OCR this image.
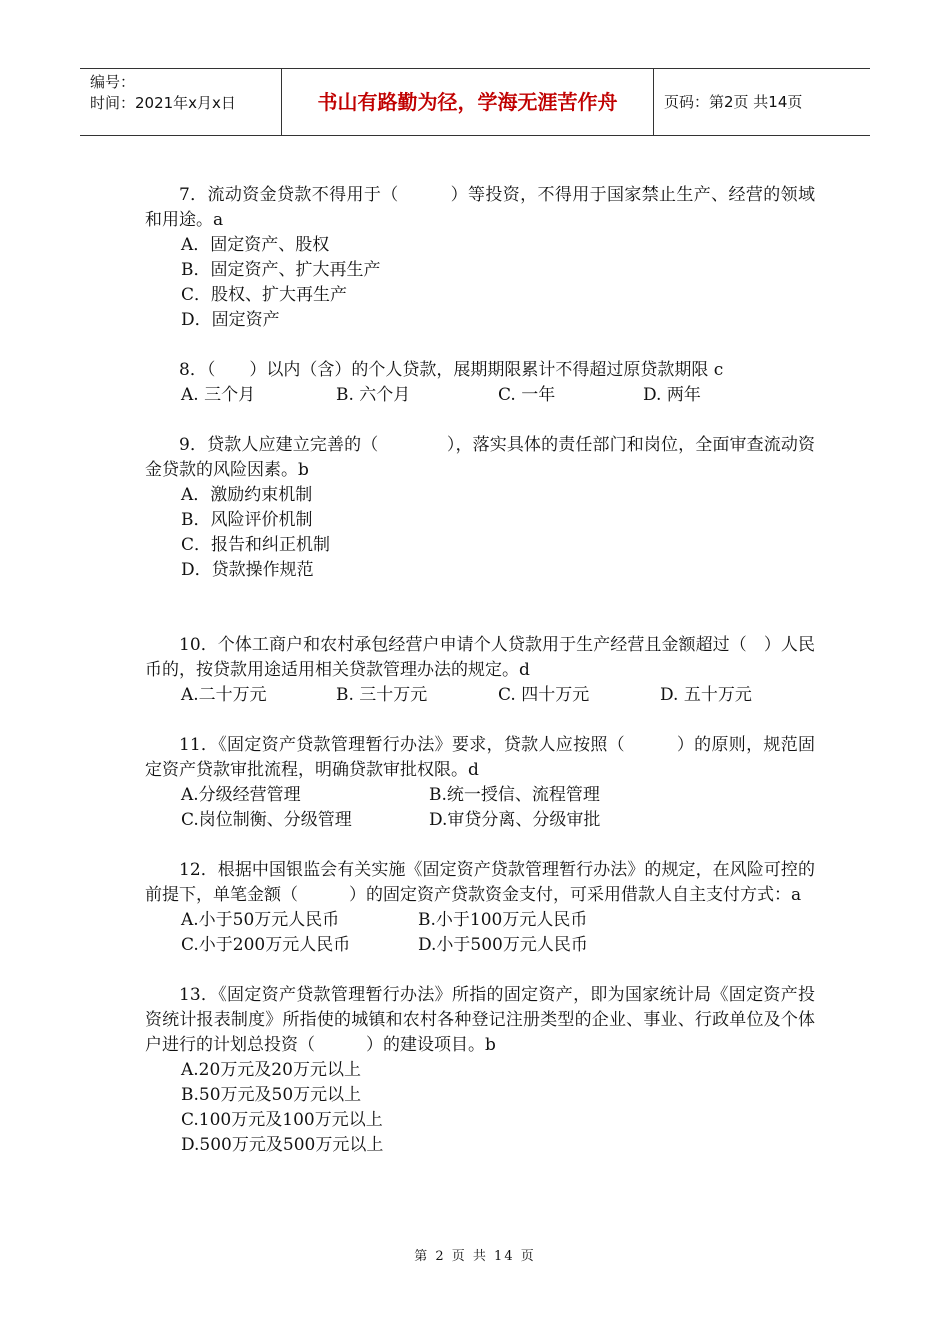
编号：
时间：2021年x月x日	书山有路勤为径，学海无涯苦作舟	页码：第2页 共14页
7．流动资金贷款不得用于（　　　）等投资，不得用于国家禁止生产、经营的领域和用途。a
A．固定资产、股权
B．固定资产、扩大再生产
C．股权、扩大再生产
D．固定资产
8．（　　）以内（含）的个人贷款，展期期限累计不得超过原贷款期限 c
A. 三个月	B. 六个月	C. 一年	D. 两年
9．贷款人应建立完善的（　　　　），落实具体的责任部门和岗位，全面审查流动资金贷款的风险因素。b
A．激励约束机制
B．风险评价机制
C．报告和纠正机制
D．贷款操作规范
10．个体工商户和农村承包经营户申请个人贷款用于生产经营且金额超过（　）人民币的，按贷款用途适用相关贷款管理办法的规定。d
A.二十万元	B. 三十万元	C. 四十万元	D. 五十万元
11．《固定资产贷款管理暂行办法》要求，贷款人应按照（　　　）的原则，规范固定资产贷款审批流程，明确贷款审批权限。d
A.分级经营管理	B.统一授信、流程管理
C.岗位制衡、分级管理	D.审贷分离、分级审批
12．根据中国银监会有关实施《固定资产贷款管理暂行办法》的规定，在风险可控的前提下，单笔金额（　　　）的固定资产贷款资金支付，可采用借款人自主支付方式：a
A.小于50万元人民币	B.小于100万元人民币
C.小于200万元人民币	D.小于500万元人民币
13．《固定资产贷款管理暂行办法》所指的固定资产，即为国家统计局《固定资产投资统计报表制度》所指使的城镇和农村各种登记注册类型的企业、事业、行政单位及个体户进行的计划总投资（　　　）的建设项目。b
A.20万元及20万元以上
B.50万元及50万元以上
C.100万元及100万元以上
D.500万元及500万元以上
第 2 页 共 14 页
